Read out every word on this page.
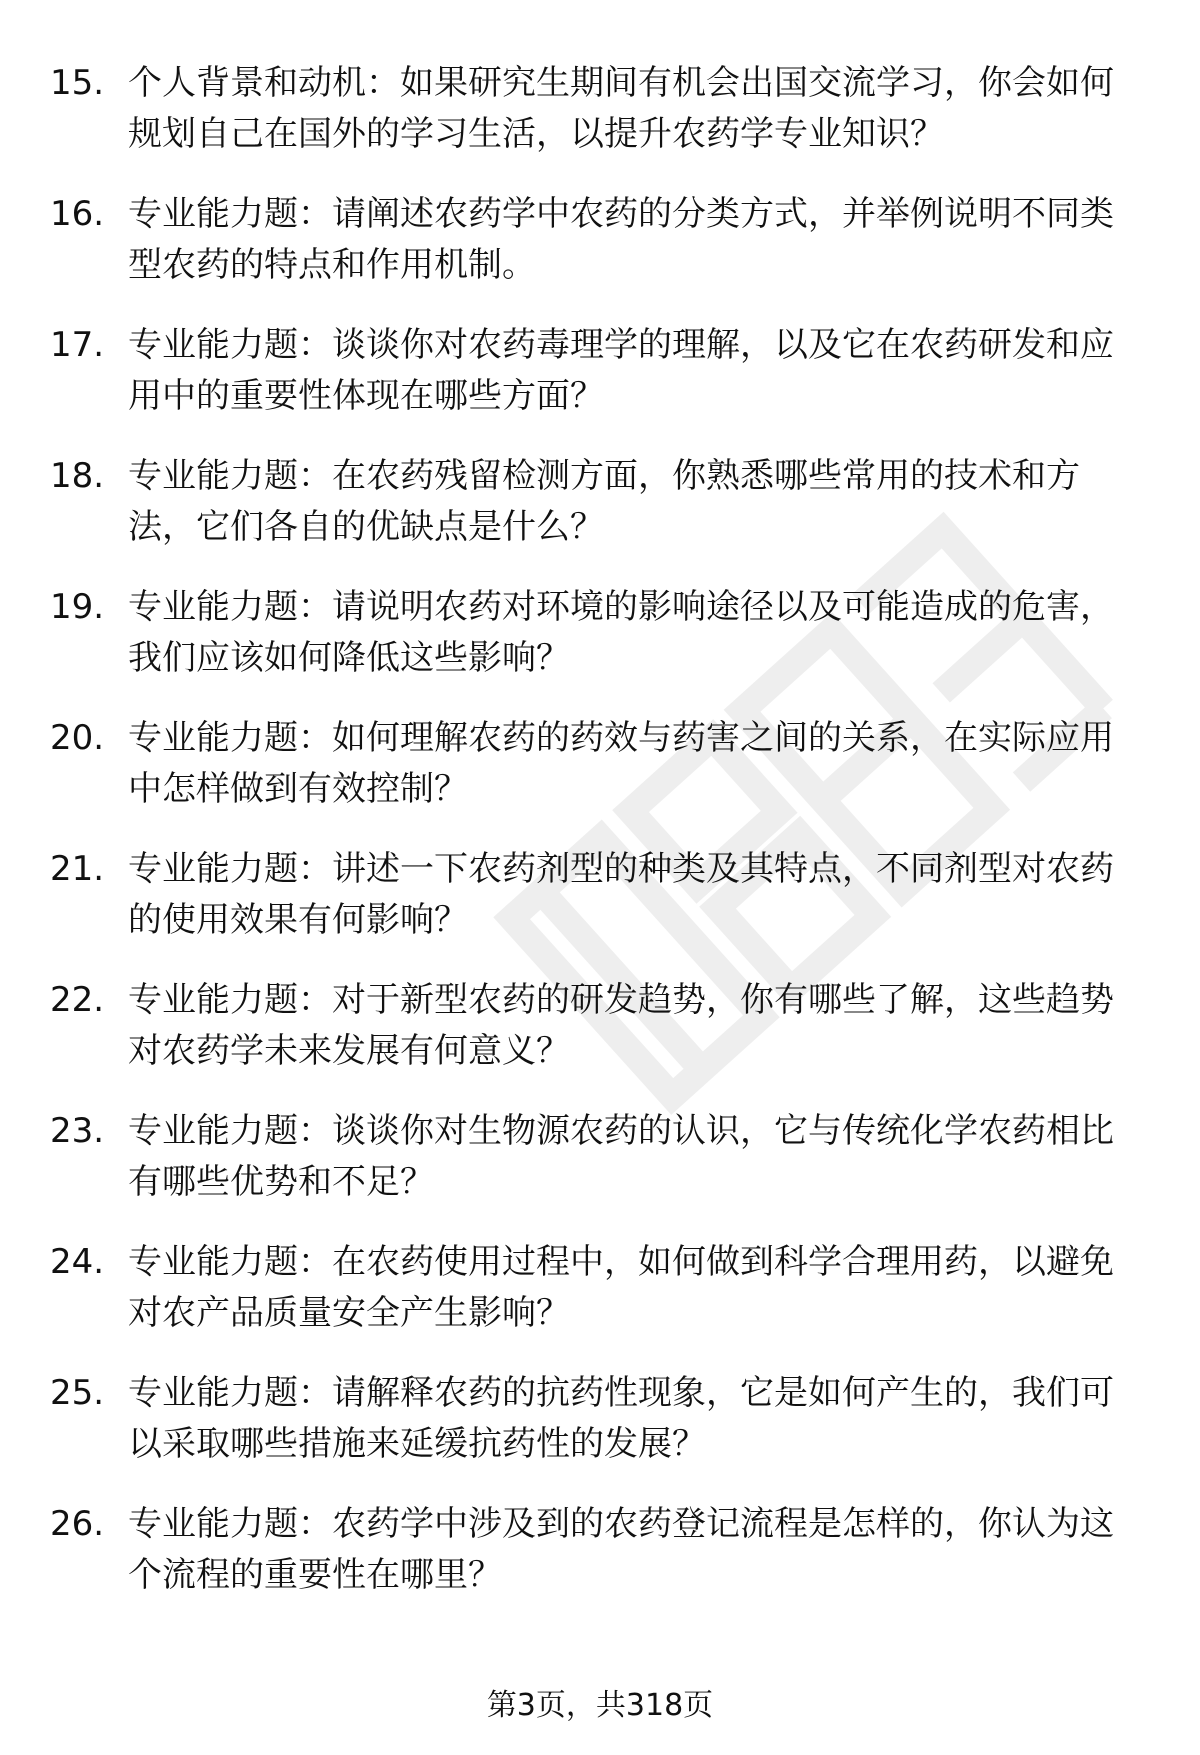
15. 个人背景和动机：如果研究生期间有机会出国交流学习，你会如何规划自己在国外的学习生活，以提升农药学专业知识？
16. 专业能力题：请阐述农药学中农药的分类方式，并举例说明不同类型农药的特点和作用机制。
17. 专业能力题：谈谈你对农药毒理学的理解，以及它在农药研发和应用中的重要性体现在哪些方面？
18. 专业能力题：在农药残留检测方面，你熟悉哪些常用的技术和方法，它们各自的优缺点是什么？
19. 专业能力题：请说明农药对环境的影响途径以及可能造成的危害，我们应该如何降低这些影响？
20. 专业能力题：如何理解农药的药效与药害之间的关系，在实际应用中怎样做到有效控制？
21. 专业能力题：讲述一下农药剂型的种类及其特点，不同剂型对农药的使用效果有何影响？
22. 专业能力题：对于新型农药的研发趋势，你有哪些了解，这些趋势对农药学未来发展有何意义？
23. 专业能力题：谈谈你对生物源农药的认识，它与传统化学农药相比有哪些优势和不足？
24. 专业能力题：在农药使用过程中，如何做到科学合理用药，以避免对农产品质量安全产生影响？
25. 专业能力题：请解释农药的抗药性现象，它是如何产生的，我们可以采取哪些措施来延缓抗药性的发展？
26. 专业能力题：农药学中涉及到的农药登记流程是怎样的，你认为这个流程的重要性在哪里？
第3页，共318页
